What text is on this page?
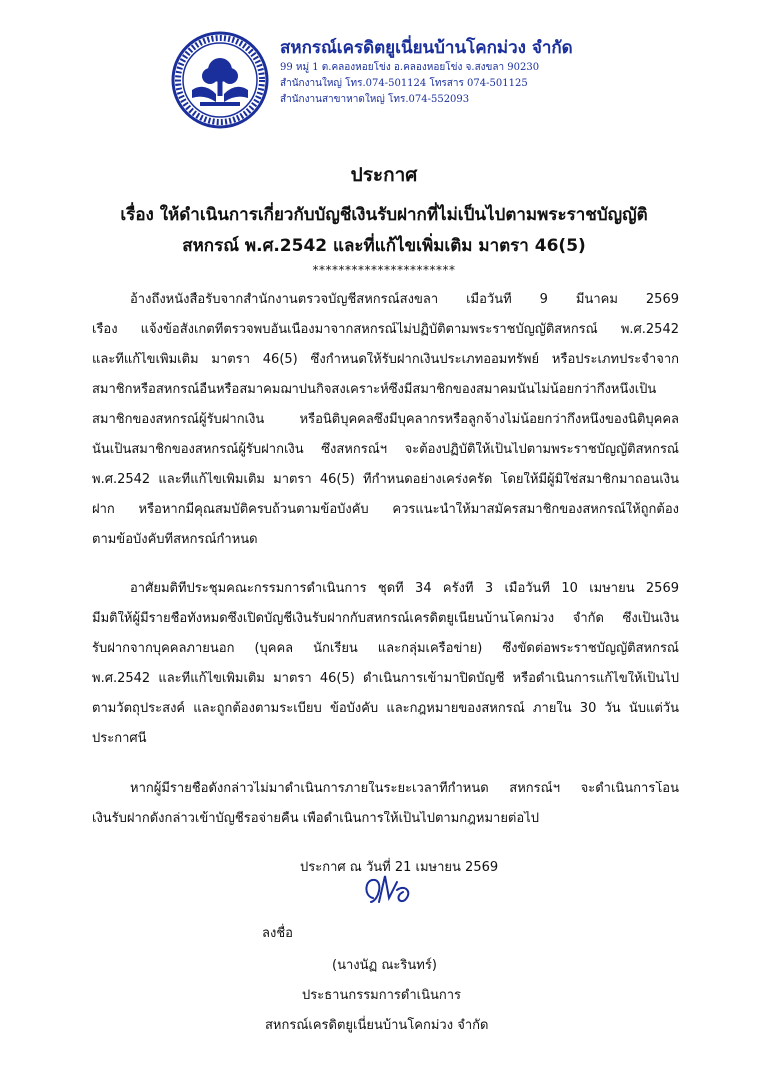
สหกรณ์เครดิตยูเนี่ยนบ้านโคกม่วง จำกัด
99 หมู่ 1 ต.คลองหอยโข่ง อ.คลองหอยโข่ง จ.สงขลา 90230
สำนักงานใหญ่ โทร.074-501124 โทรสาร 074-501125
สำนักงานสาขาหาดใหญ่ โทร.074-552093
ประกาศ
เรื่อง ให้ดำเนินการเกี่ยวกับบัญชีเงินรับฝากที่ไม่เป็นไปตามพระราชบัญญัติ
สหกรณ์ พ.ศ.2542 และที่แก้ไขเพิ่มเติม มาตรา 46(5)
**********************
อ้างถึงหนังสือรับจากสำนักงานตรวจบัญชีสหกรณ์สงขลา เมื่อวันที่ 9 มีนาคม 2569
เรื่อง แจ้งข้อสังเกตที่ตรวจพบอันเนื่องมาจากสหกรณ์ไม่ปฏิบัติตามพระราชบัญญัติสหกรณ์ พ.ศ.2542
และที่แก้ไขเพิ่มเติม มาตรา 46(5) ซึ่งกำหนดให้รับฝากเงินประเภทออมทรัพย์ หรือประเภทประจำจาก
สมาชิกหรือสหกรณ์อื่นหรือสมาคมฌาปนกิจสงเคราะห์ซึ่งมีสมาชิกของสมาคมนั้นไม่น้อยกว่ากึ่งหนึ่งเป็น
สมาชิกของสหกรณ์ผู้รับฝากเงิน หรือนิติบุคคลซึ่งมีบุคลากรหรือลูกจ้างไม่น้อยกว่ากึ่งหนึ่งของนิติบุคคล
นั้นเป็นสมาชิกของสหกรณ์ผู้รับฝากเงิน ซึ่งสหกรณ์ฯ จะต้องปฏิบัติให้เป็นไปตามพระราชบัญญัติสหกรณ์
พ.ศ.2542 และที่แก้ไขเพิ่มเติม มาตรา 46(5) ที่กำหนดอย่างเคร่งครัด โดยให้มีผู้มิใช่สมาชิกมาถอนเงิน
ฝาก หรือหากมีคุณสมบัติครบถ้วนตามข้อบังคับ ควรแนะนำให้มาสมัครสมาชิกของสหกรณ์ให้ถูกต้อง
ตามข้อบังคับที่สหกรณ์กำหนด
อาศัยมติที่ประชุมคณะกรรมการดำเนินการ ชุดที่ 34 ครั้งที่ 3 เมื่อวันที่ 10 เมษายน 2569
มีมติให้ผู้มีรายชื่อทั้งหมดซึ่งเปิดบัญชีเงินรับฝากกับสหกรณ์เครดิตยูเนี่ยนบ้านโคกม่วง จำกัด ซึ่งเป็นเงิน
รับฝากจากบุคคลภายนอก (บุคคล นักเรียน และกลุ่มเครือข่าย) ซึ่งขัดต่อพระราชบัญญัติสหกรณ์
พ.ศ.2542 และที่แก้ไขเพิ่มเติม มาตรา 46(5) ดำเนินการเข้ามาปิดบัญชี หรือดำเนินการแก้ไขให้เป็นไป
ตามวัตถุประสงค์ และถูกต้องตามระเบียบ ข้อบังคับ และกฎหมายของสหกรณ์ ภายใน 30 วัน นับแต่วัน
ประกาศนี้
หากผู้มีรายชื่อดังกล่าวไม่มาดำเนินการภายในระยะเวลาที่กำหนด สหกรณ์ฯ จะดำเนินการโอน
เงินรับฝากดังกล่าวเข้าบัญชีรอจ่ายคืน เพื่อดำเนินการให้เป็นไปตามกฎหมายต่อไป
ประกาศ ณ วันที่ 21 เมษายน 2569
ลงชื่อ
(นางนัฏ ณะรินทร์)
ประธานกรรมการดำเนินการ
สหกรณ์เครดิตยูเนี่ยนบ้านโคกม่วง จำกัด
